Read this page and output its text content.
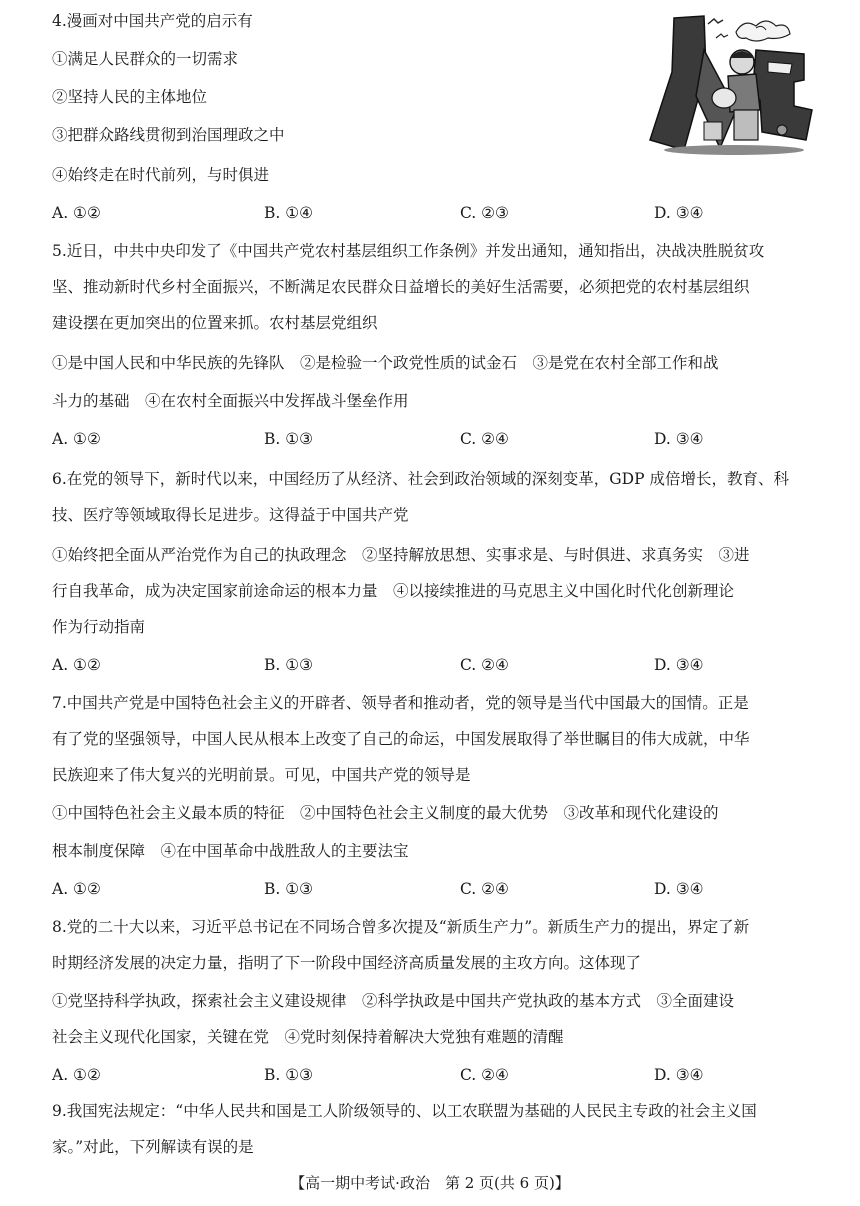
4.漫画对中国共产党的启示有
①满足人民群众的一切需求
②坚持人民的主体地位
③把群众路线贯彻到治国理政之中
④始终走在时代前列，与时俱进
A. ①②	B. ①④	C. ②③	D. ③④
5.近日，中共中央印发了《中国共产党农村基层组织工作条例》并发出通知，通知指出，决战决胜脱贫攻
坚、推动新时代乡村全面振兴，不断满足农民群众日益增长的美好生活需要，必须把党的农村基层组织
建设摆在更加突出的位置来抓。农村基层党组织
①是中国人民和中华民族的先锋队　②是检验一个政党性质的试金石　③是党在农村全部工作和战
斗力的基础　④在农村全面振兴中发挥战斗堡垒作用
A. ①②	B. ①③	C. ②④	D. ③④
6.在党的领导下，新时代以来，中国经历了从经济、社会到政治领域的深刻变革，GDP 成倍增长，教育、科
技、医疗等领域取得长足进步。这得益于中国共产党
①始终把全面从严治党作为自己的执政理念　②坚持解放思想、实事求是、与时俱进、求真务实　③进
行自我革命，成为决定国家前途命运的根本力量　④以接续推进的马克思主义中国化时代化创新理论
作为行动指南
A. ①②	B. ①③	C. ②④	D. ③④
7.中国共产党是中国特色社会主义的开辟者、领导者和推动者，党的领导是当代中国最大的国情。正是
有了党的坚强领导，中国人民从根本上改变了自己的命运，中国发展取得了举世瞩目的伟大成就，中华
民族迎来了伟大复兴的光明前景。可见，中国共产党的领导是
①中国特色社会主义最本质的特征　②中国特色社会主义制度的最大优势　③改革和现代化建设的
根本制度保障　④在中国革命中战胜敌人的主要法宝
A. ①②	B. ①③	C. ②④	D. ③④
8.党的二十大以来，习近平总书记在不同场合曾多次提及“新质生产力”。新质生产力的提出，界定了新
时期经济发展的决定力量，指明了下一阶段中国经济高质量发展的主攻方向。这体现了
①党坚持科学执政，探索社会主义建设规律　②科学执政是中国共产党执政的基本方式　③全面建设
社会主义现代化国家，关键在党　④党时刻保持着解决大党独有难题的清醒
A. ①②	B. ①③	C. ②④	D. ③④
9.我国宪法规定：“中华人民共和国是工人阶级领导的、以工农联盟为基础的人民民主专政的社会主义国
家。”对此，下列解读有误的是
【高一期中考试·政治　第 2 页(共 6 页)】
